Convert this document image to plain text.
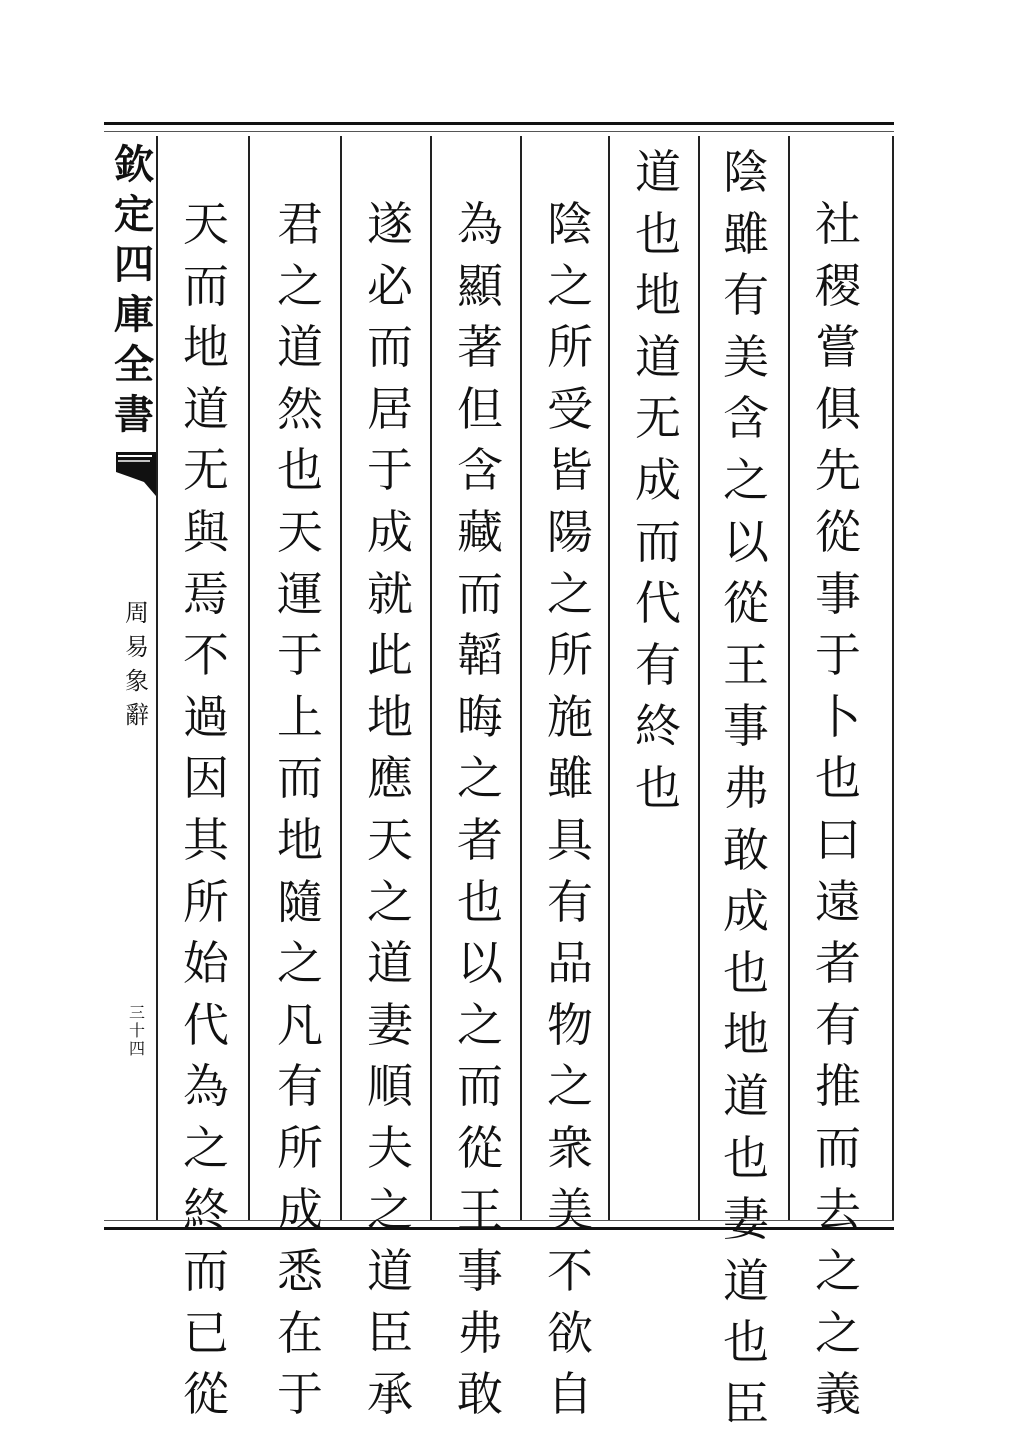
欽
定
四
庫
全
書
周
易
象
辭
三
十
四
社
稷
嘗
俱
先
從
事
于
卜
也
曰
遠
者
有
推
而
去
之
之
義
陰
雖
有
美
含
之
以
從
王
事
弗
敢
成
也
地
道
也
妻
道
也
臣
道
也
地
道
无
成
而
代
有
終
也
陰
之
所
受
皆
陽
之
所
施
雖
具
有
品
物
之
衆
美
不
欲
自
為
顯
著
但
含
藏
而
韜
晦
之
者
也
以
之
而
從
王
事
弗
敢
遂
必
而
居
于
成
就
此
地
應
天
之
道
妻
順
夫
之
道
臣
承
君
之
道
然
也
天
運
于
上
而
地
隨
之
凡
有
所
成
悉
在
于
天
而
地
道
无
與
焉
不
過
因
其
所
始
代
為
之
終
而
已
從
